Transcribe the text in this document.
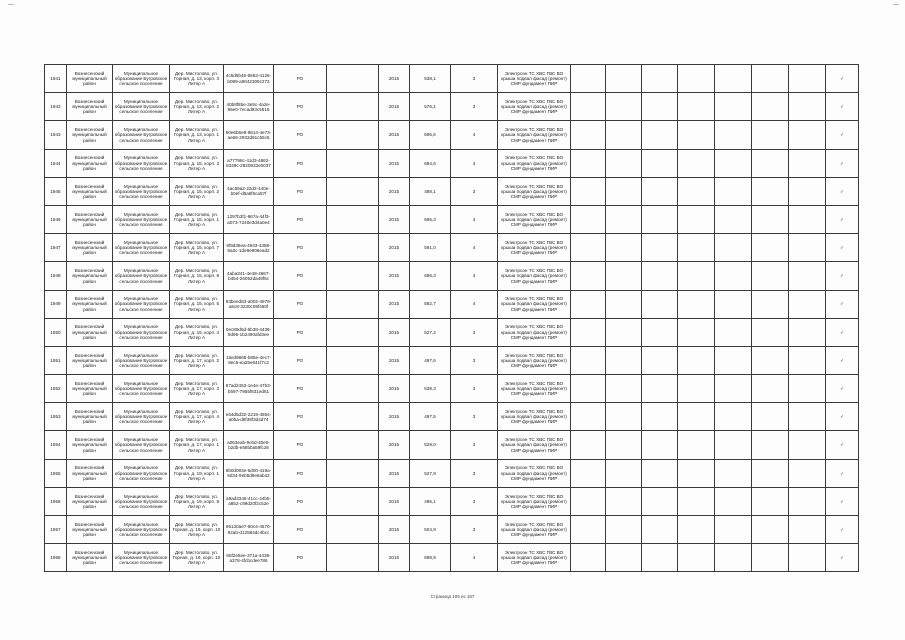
1941	Вознесенский муниципальный район	Муниципальное образование Бугровское сельское поселение	Дер. Мистолово, ул. Горная, д. 13, корп. 3 Литер А	4c5d5b46-6663-4126-b089-a9042309c272	РО		2015	538,1	3	Электроэн ТС ХВС ГВС ВО крыша подвал фасад (ремонт) СМР фундамент ПИР								✓
1942	Вознесенский муниципальный район	Муниципальное образование Бугровское сельское поселение	Дер. Мистолово, ул. Горная, д. 13, корп. 2 Литер А	40b8f8be-3e5c-4a2e-96e0-7ecad93c5516	РО		2015	576,1	3	Электроэн ТС ХВС ГВС ВО крыша подвал фасад (ремонт) СМР фундамент ПИР								✓
1943	Вознесенский муниципальный район	Муниципальное образование Бугровское сельское поселение	Дер. Мистолово, ул. Горная, д. 13, корп. 1 Литер А	90e6b5e9-9814-4e73-ae66-2932d61c55c6	РО		2015	695,6	4	Электроэн ТС ХВС ГВС ВО крыша подвал фасад (ремонт) СМР фундамент ПИР								✓
1944	Вознесенский муниципальный район	Муниципальное образование Бугровское сельское поселение	Дер. Мистолово, ул. Горная, д. 15, корп. 3 Литер А	a77798c-41d3-4862-8349c-2820933e0037	РО		2015	694,6	4	Электроэн ТС ХВС ГВС ВО крыша подвал фасад (ремонт) СМР фундамент ПИР								✓
1945	Вознесенский муниципальный район	Муниципальное образование Бугровское сельское поселение	Дер. Мистолово, ул. Горная, д. 15, корп. 2 Литер А	4ac69a2-22d2-440e-b0ef-d5a6f5ca57f	РО		2015	488,1	3	Электроэн ТС ХВС ГВС ВО крыша подвал фасад (ремонт) СМР фундамент ПИР								✓
1946	Вознесенский муниципальный район	Муниципальное образование Бугровское сельское поселение	Дер. Мистолово, ул. Горная, д. 15, корп. 1 Литер А	1297b3f1-967a-44f3-a073-7240e3d4a0e4	РО		2015	695,3	4	Электроэн ТС ХВС ГВС ВО крыша подвал фасад (ремонт) СМР фундамент ПИР								✓
1947	Вознесенский муниципальный район	Муниципальное образование Бугровское сельское поселение	Дер. Мистолово, ул. Горная, д. 15, корп. 7 Литер А	9f9d36ea-4933-4388-9a3c-1de9e906ead2	РО		2015	591,0	4	Электроэн ТС ХВС ГВС ВО крыша подвал фасад (ремонт) СМР фундамент ПИР								✓
1948	Вознесенский муниципальный район	Муниципальное образование Бугровское сельское поселение	Дер. Мистолово, ул. Горная, д. 15, корп. 8 Литер А	4aba341-4e48-4667-b454-26052da49f5c	РО		2015	686,3	4	Электроэн ТС ХВС ГВС ВО крыша подвал фасад (ремонт) СМР фундамент ПИР								✓
1949	Вознесенский муниципальный район	Муниципальное образование Бугровское сельское поселение	Дер. Мистолово, ул. Горная, д. 15, корп. 5 Литер А	93beed83-a002-4979-a5c8-3230c09f450f	РО		2015	582,7	4	Электроэн ТС ХВС ГВС ВО крыша подвал фасад (ремонт) СМР фундамент ПИР								✓
1950	Вознесенский муниципальный район	Муниципальное образование Бугровское сельское поселение	Дер. Мистолово, ул. Горная, д. 15, корп. 4 Литер А	0ec89d5d-6b38-4438-9d96-1b2490afd3ee	РО		2015	527,2	3	Электроэн ТС ХВС ГВС ВО крыша подвал фасад (ремонт) СМР фундамент ПИР								✓
1951	Вознесенский муниципальный район	Муниципальное образование Бугровское сельское поселение	Дер. Мистолово, ул. Горная, д. 17, корп. 2 Литер А	15ed9865-b85e-4ec7-8ec5-ea25e641f7c3	РО		2015	497,6	3	Электроэн ТС ХВС ГВС ВО крыша подвал фасад (ремонт) СМР фундамент ПИР								✓
1952	Вознесенский муниципальный район	Муниципальное образование Бугровское сельское поселение	Дер. Мистолово, ул. Горная, д. 17, корп. 3 Литер А	87ad2453-1e4e-47b3-b597-7955f831ed61	РО		2015	539,3	3	Электроэн ТС ХВС ГВС ВО крыша подвал фасад (ремонт) СМР фундамент ПИР								✓
1953	Вознесенский муниципальный район	Муниципальное образование Бугровское сельское поселение	Дер. Мистолово, ул. Горная, д. 17, корп. 4 Литер А	e64d5d32-2219-4864-a0ba-d9f39f3d4d74	РО		2015	497,5	3	Электроэн ТС ХВС ГВС ВО крыша подвал фасад (ремонт) СМР фундамент ПИР								✓
1954	Вознесенский муниципальный район	Муниципальное образование Бугровское сельское поселение	Дер. Мистолово, ул. Горная, д. 17, корп. 1 Литер А	a063eab-9c6d-40e0-b2db-e58bba59fc26	РО		2015	529,0	3	Электроэн ТС ХВС ГВС ВО крыша подвал фасад (ремонт) СМР фундамент ПИР								✓
1955	Вознесенский муниципальный район	Муниципальное образование Бугровское сельское поселение	Дер. Мистолово, ул. Горная, д. 19, корп. 1 Литер А	9b0d093e-6d00-419a-9d34-9eb5d9e6ab42	РО		2015	527,9	3	Электроэн ТС ХВС ГВС ВО крыша подвал фасад (ремонт) СМР фундамент ПИР								✓
1956	Вознесенский муниципальный район	Муниципальное образование Бугровское сельское поселение	Дер. Мистолово, ул. Горная, д. 19, корп. 8 Литер А	a9ad3346-41cc-44b5-a852-c99d20f2c52e	РО		2015	495,1	3	Электроэн ТС ХВС ГВС ВО крыша подвал фасад (ремонт) СМР фундамент ПИР								✓
1957	Вознесенский муниципальный район	Муниципальное образование Бугровское сельское поселение	Дер. Мистолово, ул. Горная, д. 19, корп. 10 Литер А	96130ae7-80c4-4570-92ab-d12584dc4bcc	РО		2015	504,9	3	Электроэн ТС ХВС ГВС ВО крыша подвал фасад (ремонт) СМР фундамент ПИР								✓
1958	Вознесенский муниципальный район	Муниципальное образование Бугровское сельское поселение	Дер. Мистолово, ул. Горная, д. 19, корп. 10 Литер А	65f2e5ee-371a-4438-a378-4fcbcdee786	РО		2015	688,9	4	Электроэн ТС ХВС ГВС ВО крыша подвал фасад (ремонт) СМР фундамент ПИР								✓
Страница 109 из 187
